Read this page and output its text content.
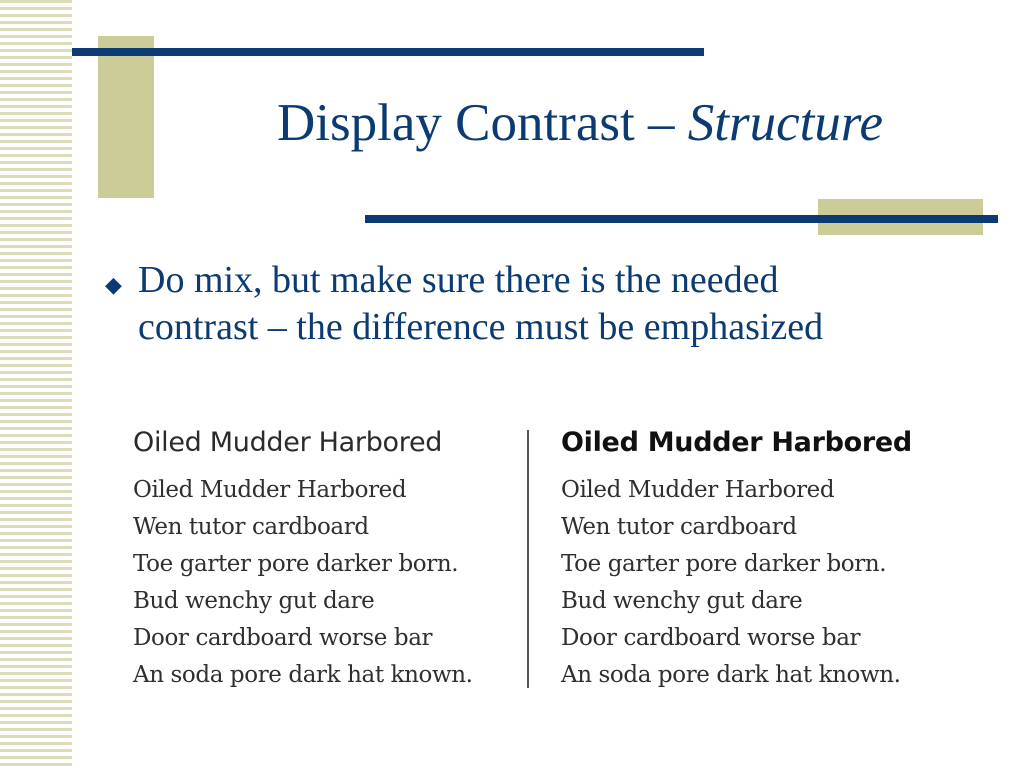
Display Contrast – Structure
◆ Do mix, but make sure there is the needed
contrast – the difference must be emphasized
Oiled Mudder Harbored
Oiled Mudder Harbored
Wen tutor cardboard
Toe garter pore darker born.
Bud wenchy gut dare
Door cardboard worse bar
An soda pore dark hat known.
Oiled Mudder Harbored
Oiled Mudder Harbored
Wen tutor cardboard
Toe garter pore darker born.
Bud wenchy gut dare
Door cardboard worse bar
An soda pore dark hat known.
